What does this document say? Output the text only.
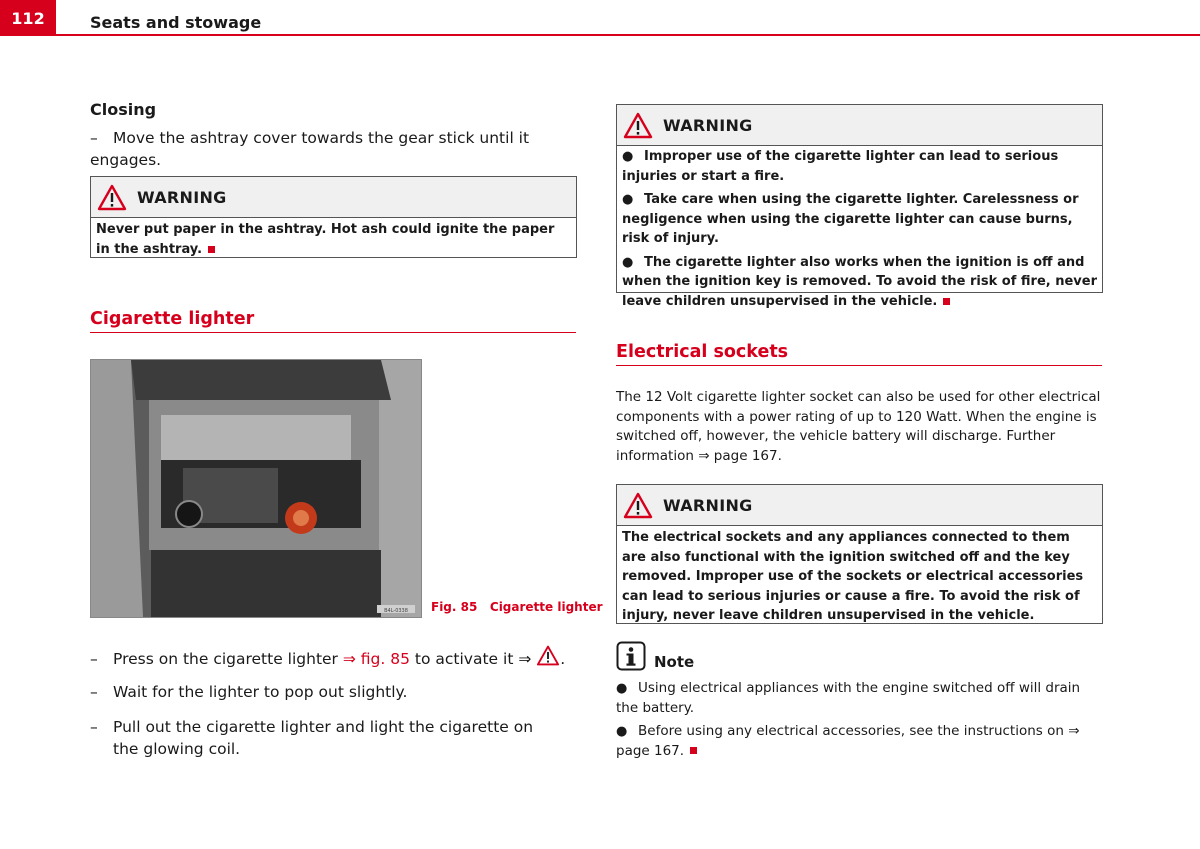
112	Seats and stowage
Closing
– Move the ashtray cover towards the gear stick until it engages.
WARNING
Never put paper in the ashtray. Hot ash could ignite the paper in the ashtray.
Cigarette lighter
B4L-0338 Fig. 85 Cigarette lighter
– Press on the cigarette lighter ⇒ fig. 85 to activate it ⇒ .
– Wait for the lighter to pop out slightly.
– Pull out the cigarette lighter and light the cigarette on the glowing coil.
WARNING

● Improper use of the cigarette lighter can lead to serious injuries or start a fire.

● Take care when using the cigarette lighter. Carelessness or negligence when using the cigarette lighter can cause burns, risk of injury.

● The cigarette lighter also works when the ignition is off and when the ignition key is removed. To avoid the risk of fire, never leave children unsupervised in the vehicle.

Electrical sockets
The 12 Volt cigarette lighter socket can also be used for other electrical components with a power rating of up to 120 Watt. When the engine is switched off, however, the vehicle battery will discharge. Further information ⇒ page 167.
WARNING
The electrical sockets and any appliances connected to them are also functional with the ignition switched off and the key removed. Improper use of the sockets or electrical accessories can lead to serious injuries or cause a fire. To avoid the risk of injury, never leave children unsupervised in the vehicle.
Note

● Using electrical appliances with the engine switched off will drain the battery.

● Before using any electrical accessories, see the instructions on ⇒ page 167.
